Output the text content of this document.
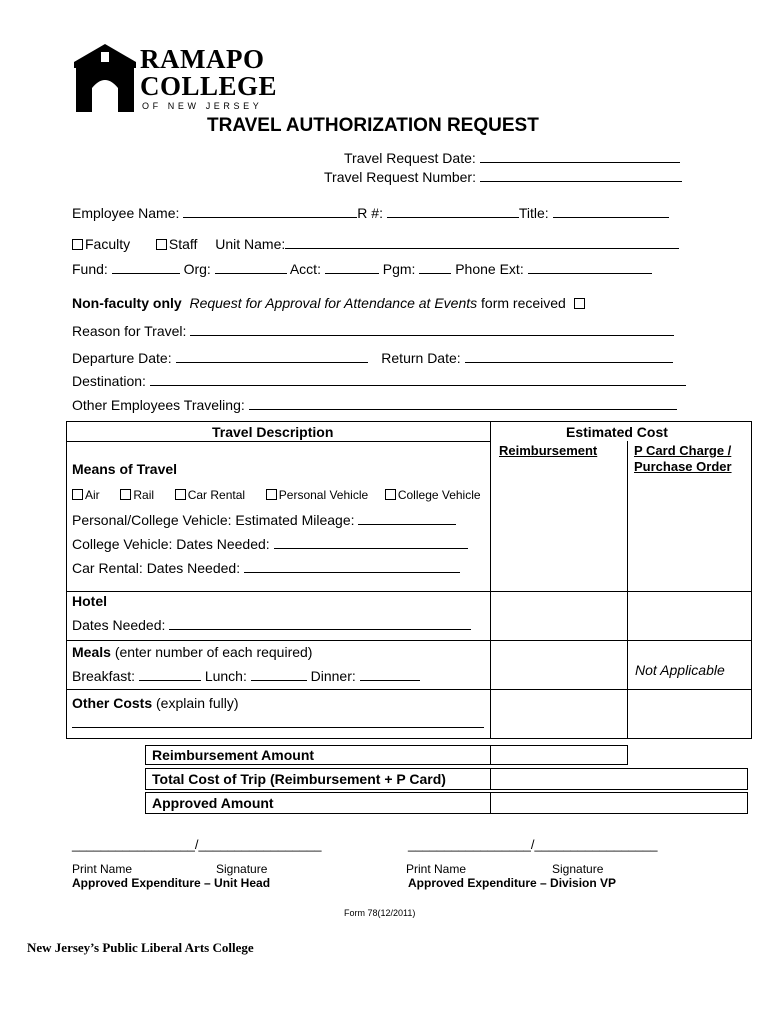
RAMAPO
COLLEGE
OF NEW JERSEY
TRAVEL AUTHORIZATION REQUEST
Travel Request Date:
Travel Request Number:
Employee Name:	R #:	Title:
Faculty	Staff Unit Name:
Fund:	Org:	Acct:	Pgm:	Phone Ext:
Non-faculty only Request for Approval for Attendance at Events form received
Reason for Travel:
Departure Date:	Return Date:
Destination:
Other Employees Traveling:
Travel Description	Estimated Cost
Reimbursement	P Card Charge /
Purchase Order
Means of Travel
Air	Rail	Car Rental	Personal Vehicle College Vehicle
Personal/College Vehicle: Estimated Mileage:
College Vehicle: Dates Needed:
Car Rental: Dates Needed:
Hotel
Dates Needed:
Meals (enter number of each required)
Breakfast:	Lunch:	Dinner:	Not Applicable
Other Costs (explain fully)
Reimbursement Amount
Total Cost of Trip (Reimbursement + P Card)
Approved Amount
_________________/_________________
Print Name	Signature
Approved Expenditure – Unit Head
_________________/_________________
Print Name	Signature
Approved Expenditure – Division VP
Form 78(12/2011)
New Jersey’s Public Liberal Arts College
